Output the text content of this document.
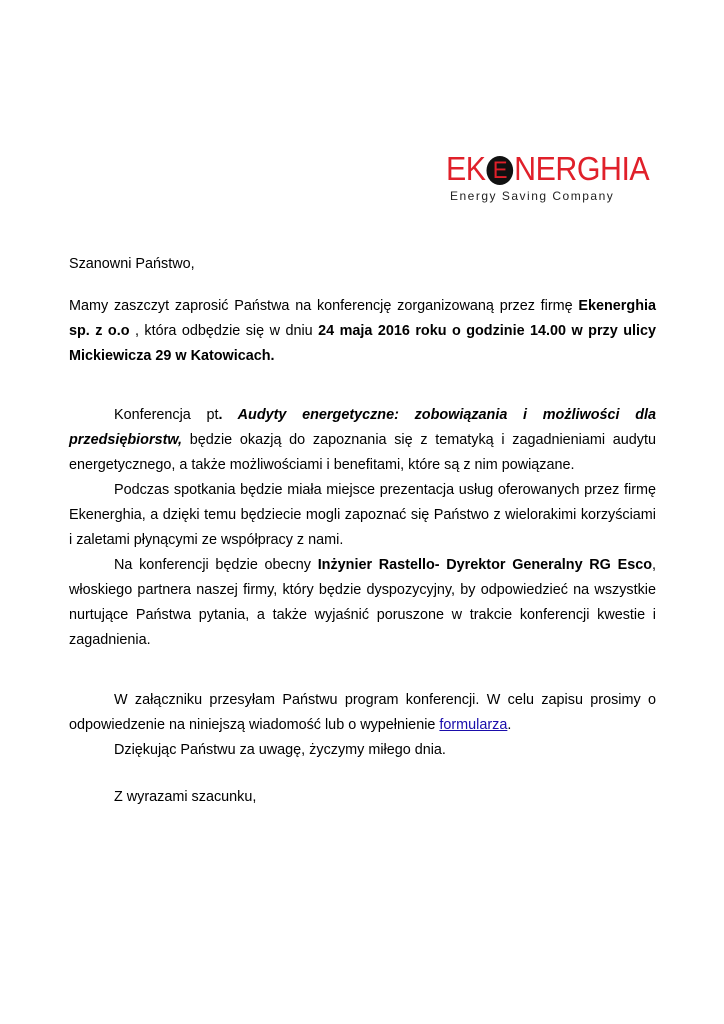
EK E NERGHIA
Energy Saving Company

Szanowni Państwo,

Mamy zaszczyt zaprosić Państwa na konferencję zorganizowaną przez firmę Ekenerghia sp. z o.o , która odbędzie się w dniu 24 maja 2016 roku o godzinie 14.00 w przy ulicy Mickiewicza 29 w Katowicach.

Konferencja pt. Audyty energetyczne: zobowiązania i możliwości dla przedsiębiorstw, będzie okazją do zapoznania się z tematyką i zagadnieniami audytu energetycznego, a także możliwościami i benefitami, które są z nim powiązane.

Podczas spotkania będzie miała miejsce prezentacja usług oferowanych przez firmę Ekenerghia, a dzięki temu będziecie mogli zapoznać się Państwo z wielorakimi korzyściami i zaletami płynącymi ze współpracy z nami.

Na konferencji będzie obecny Inżynier Rastello- Dyrektor Generalny RG Esco, włoskiego partnera naszej firmy, który będzie dyspozycyjny, by odpowiedzieć na wszystkie nurtujące Państwa pytania, a także wyjaśnić poruszone w trakcie konferencji kwestie i zagadnienia.

W załączniku przesyłam Państwu program konferencji. W celu zapisu prosimy o odpowiedzenie na niniejszą wiadomość lub o wypełnienie formularza.

Dziękując Państwu za uwagę, życzymy miłego dnia.

Z wyrazami szacunku,
